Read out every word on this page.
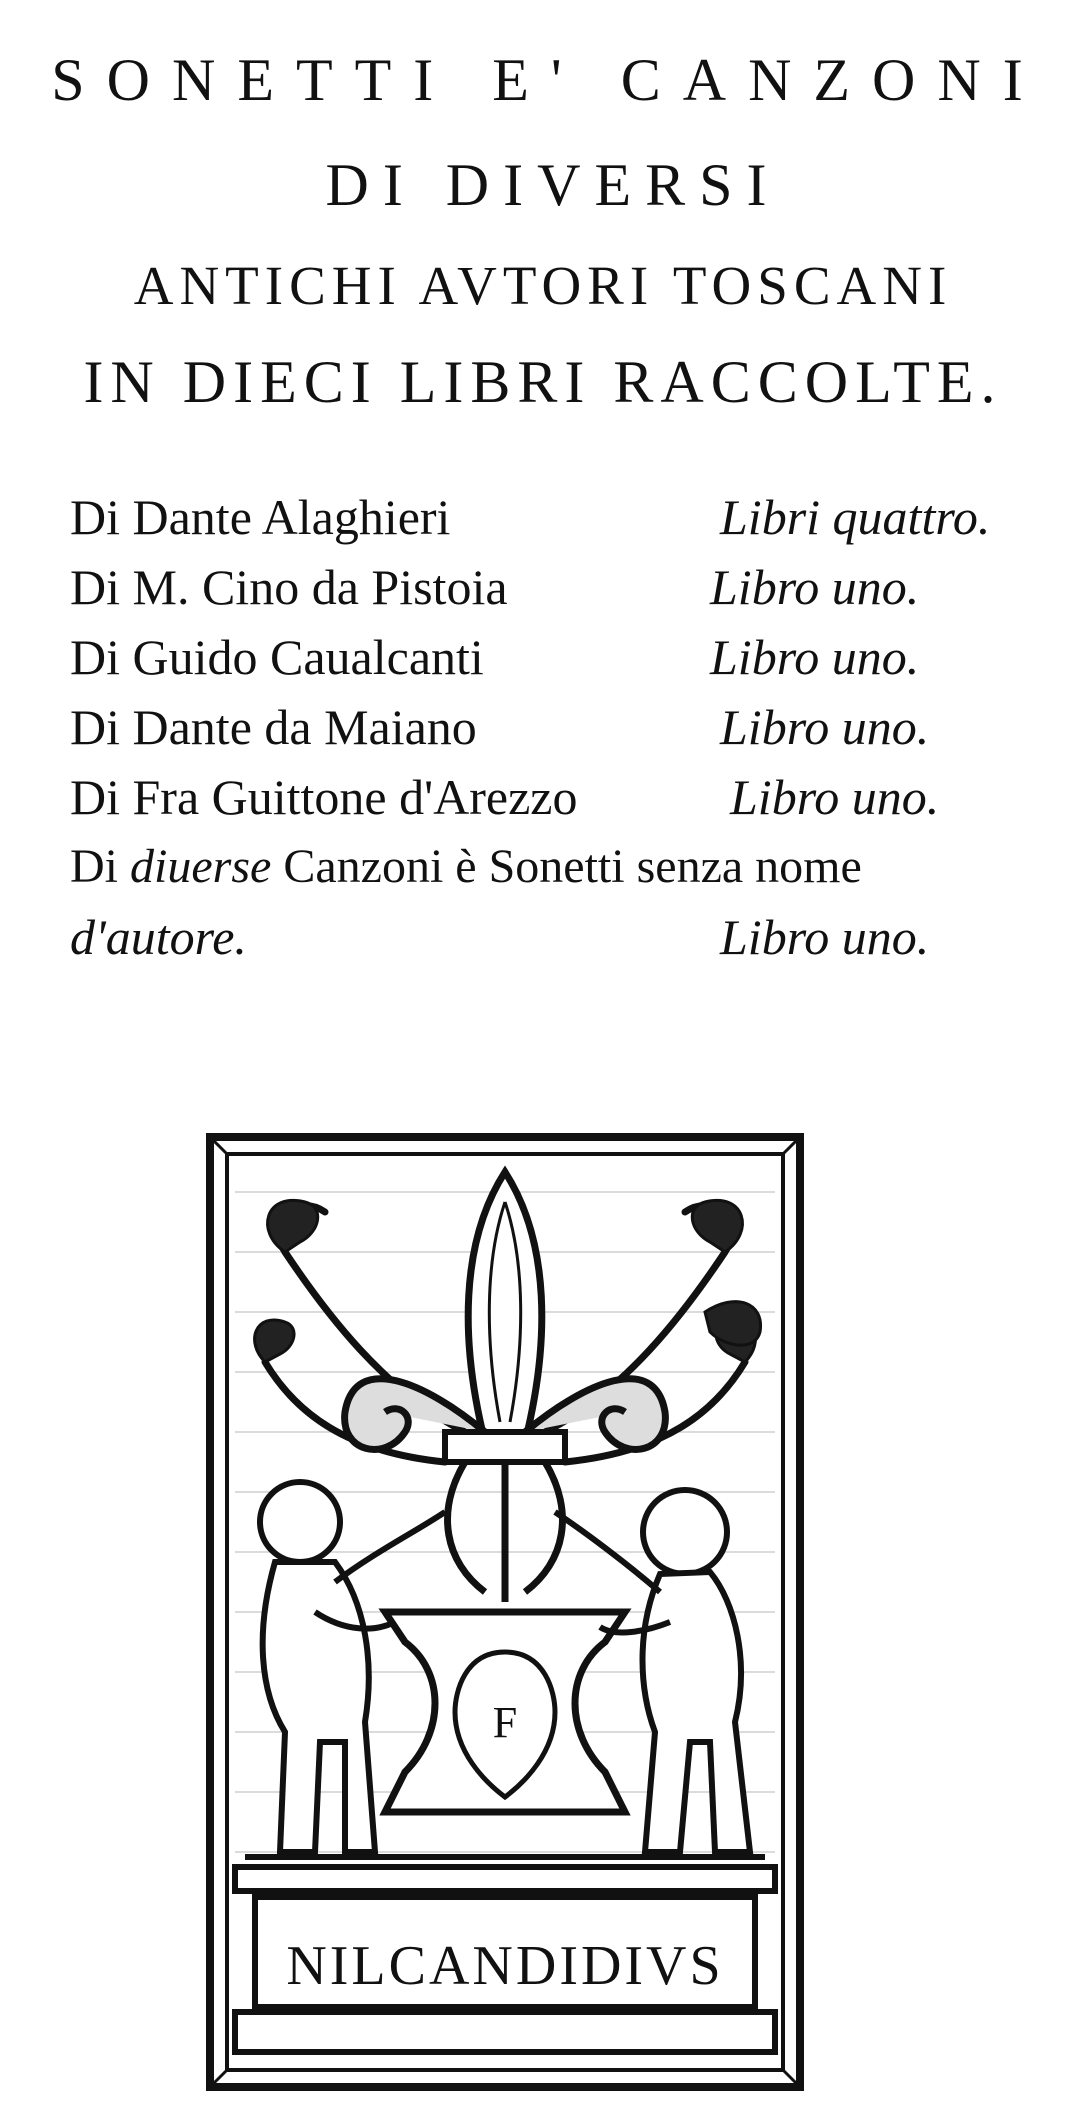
SONETTI E' CANZONI
DI DIVERSI
ANTICHI AVTORI TOSCANI
IN DIECI LIBRI RACCOLTE.
Di Dante Alaghieri	Libri quattro.
Di M. Cino da Pistoia	Libro uno.
Di Guido Caualcanti	Libro uno.
Di Dante da Maiano	Libro uno.
Di Fra Guittone d'Arezzo	Libro uno.
Di diuerse Canzoni è Sonetti senza nome
d'autore.	Libro uno.
F
NILCANDIDIVS
